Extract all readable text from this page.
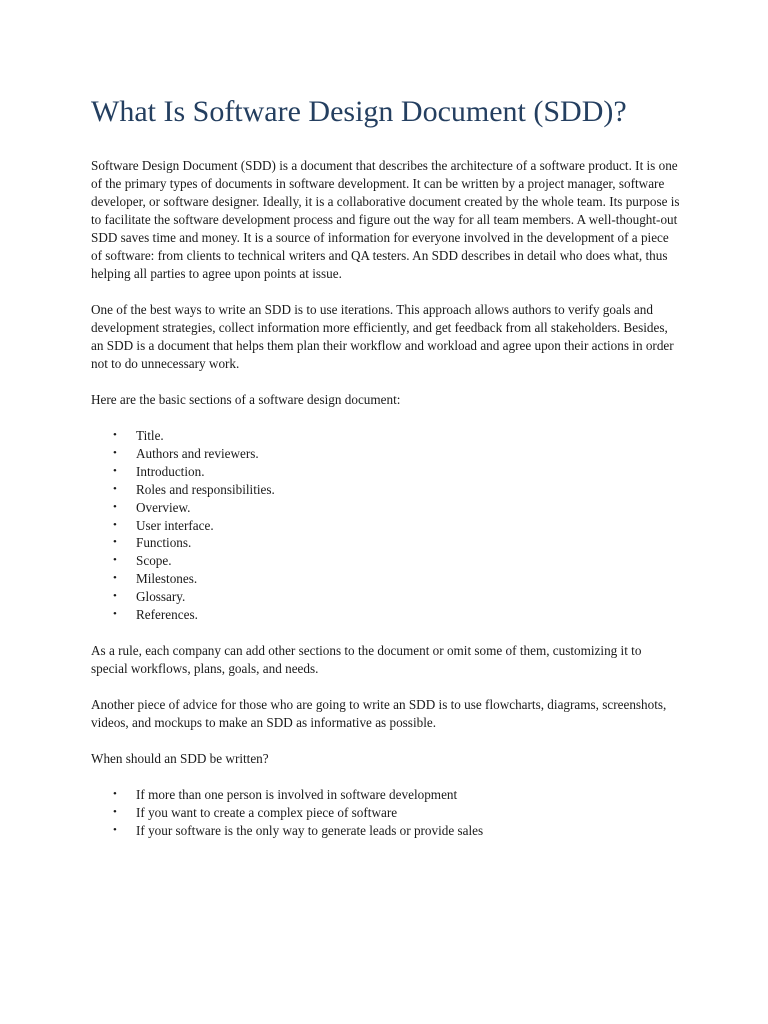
What Is Software Design Document (SDD)?

Software Design Document (SDD) is a document that describes the architecture of a software product. It is one of the primary types of documents in software development. It can be written by a project manager, software developer, or software designer. Ideally, it is a collaborative document created by the whole team. Its purpose is to facilitate the software development process and figure out the way for all team members. A well-thought-out SDD saves time and money. It is a source of information for everyone involved in the development of a piece of software: from clients to technical writers and QA testers. An SDD describes in detail who does what, thus helping all parties to agree upon points at issue.

One of the best ways to write an SDD is to use iterations. This approach allows authors to verify goals and development strategies, collect information more efficiently, and get feedback from all stakeholders. Besides, an SDD is a document that helps them plan their workflow and workload and agree upon their actions in order not to do unnecessary work.

Here are the basic sections of a software design document:

• Title.
• Authors and reviewers.
• Introduction.
• Roles and responsibilities.
• Overview.
• User interface.
• Functions.
• Scope.
• Milestones.
• Glossary.
• References.

As a rule, each company can add other sections to the document or omit some of them, customizing it to special workflows, plans, goals, and needs.

Another piece of advice for those who are going to write an SDD is to use flowcharts, diagrams, screenshots, videos, and mockups to make an SDD as informative as possible.

When should an SDD be written?

• If more than one person is involved in software development
• If you want to create a complex piece of software
• If your software is the only way to generate leads or provide sales
